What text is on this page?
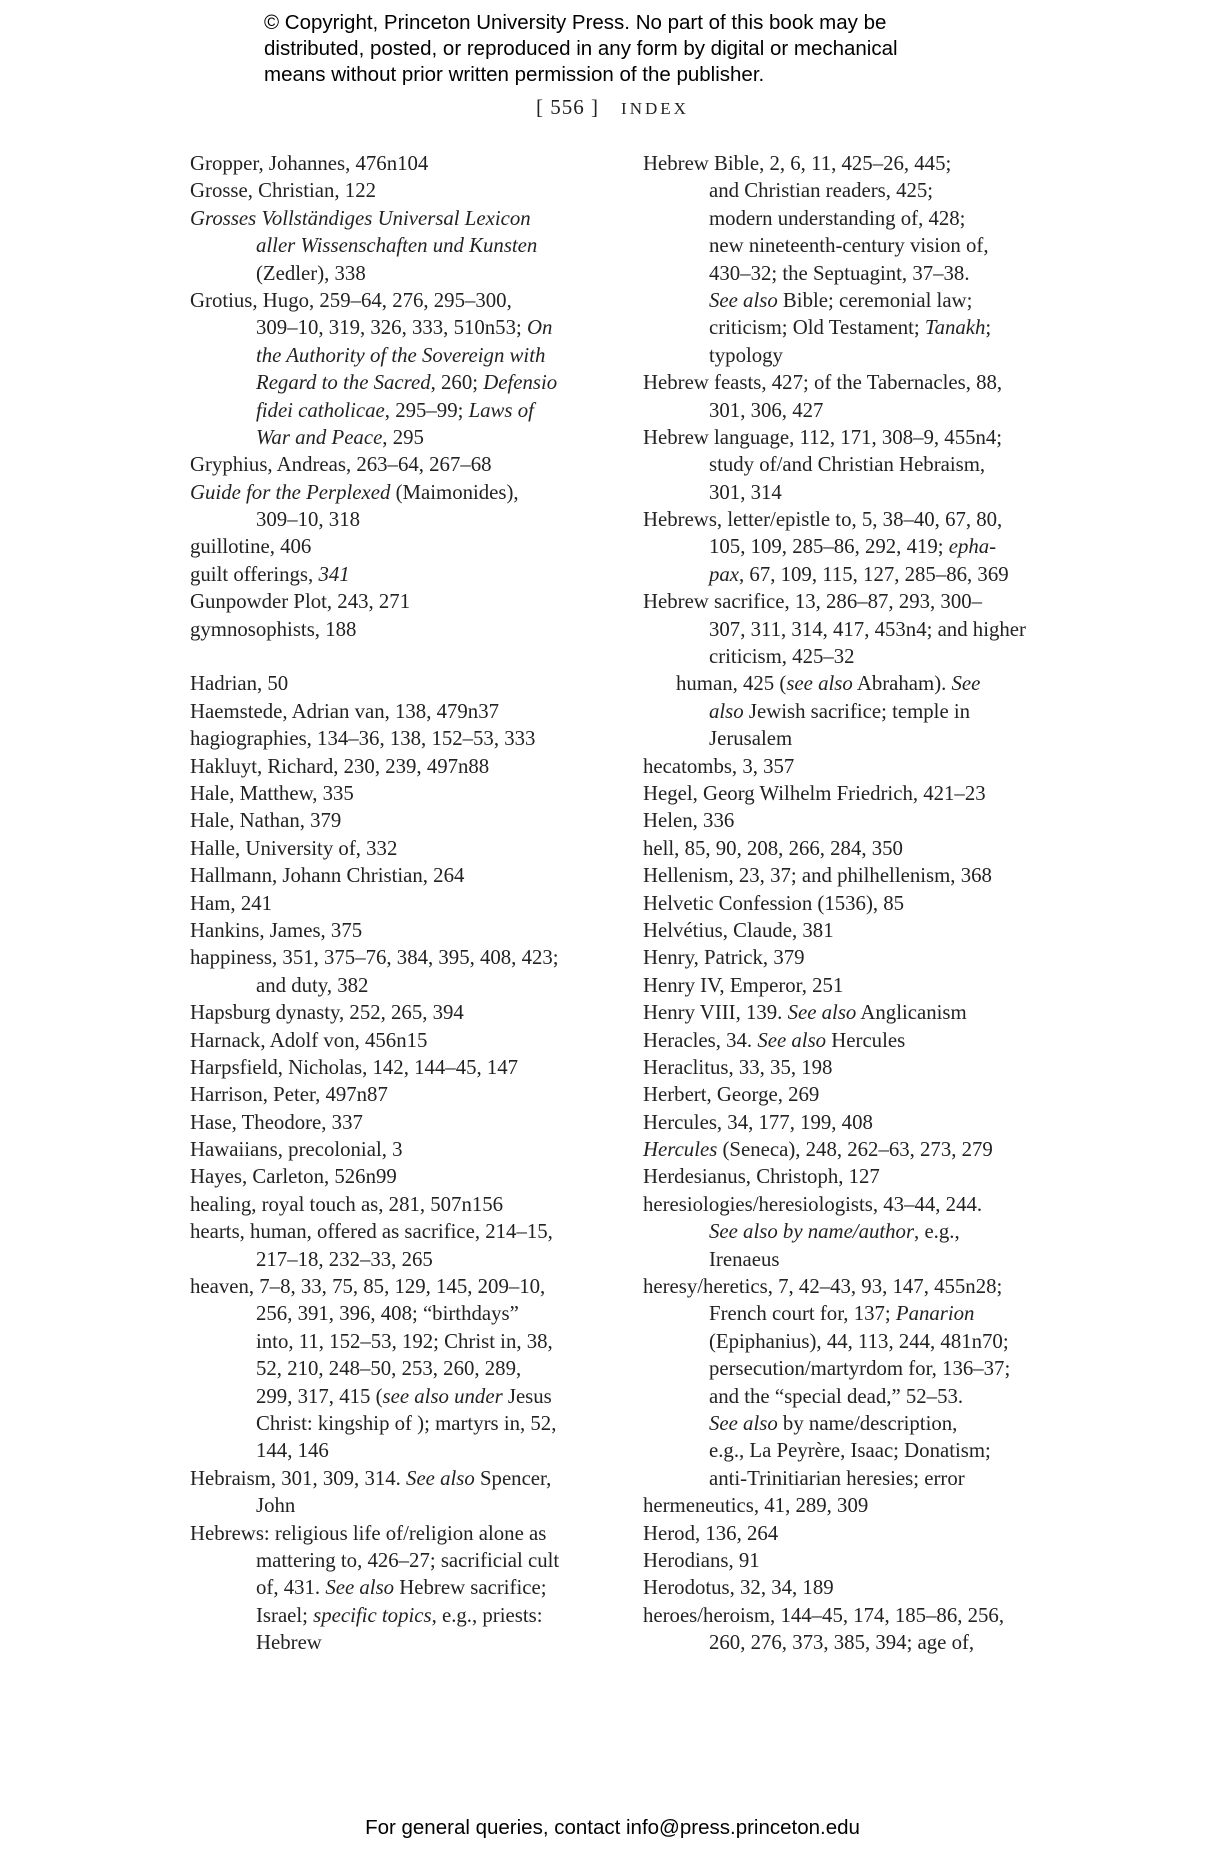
© Copyright, Princeton University Press. No part of this book may be
distributed, posted, or reproduced in any form by digital or mechanical
means without prior written permission of the publisher.
[ 556 ] INDEX
Gropper, Johannes, 476n104
Grosse, Christian, 122
Grosses Vollständiges Universal Lexicon
aller Wissenschaften und Kunsten
(Zedler), 338
Grotius, Hugo, 259–64, 276, 295–300,
309–10, 319, 326, 333, 510n53; On
the Authority of the Sovereign with
Regard to the Sacred, 260; Defensio
fidei catholicae, 295–99; Laws of
War and Peace, 295
Gryphius, Andreas, 263–64, 267–68
Guide for the Perplexed (Maimonides),
309–10, 318
guillotine, 406
guilt offerings, 341
Gunpowder Plot, 243, 271
gymnosophists, 188
Hadrian, 50
Haemstede, Adrian van, 138, 479n37
hagiographies, 134–36, 138, 152–53, 333
Hakluyt, Richard, 230, 239, 497n88
Hale, Matthew, 335
Hale, Nathan, 379
Halle, University of, 332
Hallmann, Johann Christian, 264
Ham, 241
Hankins, James, 375
happiness, 351, 375–76, 384, 395, 408, 423;
and duty, 382
Hapsburg dynasty, 252, 265, 394
Harnack, Adolf von, 456n15
Harpsfield, Nicholas, 142, 144–45, 147
Harrison, Peter, 497n87
Hase, Theodore, 337
Hawaiians, precolonial, 3
Hayes, Carleton, 526n99
healing, royal touch as, 281, 507n156
hearts, human, offered as sacrifice, 214–15,
217–18, 232–33, 265
heaven, 7–8, 33, 75, 85, 129, 145, 209–10,
256, 391, 396, 408; “birthdays”
into, 11, 152–53, 192; Christ in, 38,
52, 210, 248–50, 253, 260, 289,
299, 317, 415 (see also under Jesus
Christ: kingship of ); martyrs in, 52,
144, 146
Hebraism, 301, 309, 314. See also Spencer,
John
Hebrews: religious life of/religion alone as
mattering to, 426–27; sacrificial cult
of, 431. See also Hebrew sacrifice;
Israel; specific topics, e.g., priests:
Hebrew
Hebrew Bible, 2, 6, 11, 425–26, 445;
and Christian readers, 425;
modern understanding of, 428;
new nineteenth-century vision of,
430–32; the Septuagint, 37–38.
See also Bible; ceremonial law;
criticism; Old Testament; Tanakh;
typology
Hebrew feasts, 427; of the Tabernacles, 88,
301, 306, 427
Hebrew language, 112, 171, 308–9, 455n4;
study of/and Christian Hebraism,
301, 314
Hebrews, letter/epistle to, 5, 38–40, 67, 80,
105, 109, 285–86, 292, 419; epha-
pax, 67, 109, 115, 127, 285–86, 369
Hebrew sacrifice, 13, 286–87, 293, 300–
307, 311, 314, 417, 453n4; and higher
criticism, 425–32
human, 425 (see also Abraham). See
also Jewish sacrifice; temple in
Jerusalem
hecatombs, 3, 357
Hegel, Georg Wilhelm Friedrich, 421–23
Helen, 336
hell, 85, 90, 208, 266, 284, 350
Hellenism, 23, 37; and philhellenism, 368
Helvetic Confession (1536), 85
Helvétius, Claude, 381
Henry, Patrick, 379
Henry IV, Emperor, 251
Henry VIII, 139. See also Anglicanism
Heracles, 34. See also Hercules
Heraclitus, 33, 35, 198
Herbert, George, 269
Hercules, 34, 177, 199, 408
Hercules (Seneca), 248, 262–63, 273, 279
Herdesianus, Christoph, 127
heresiologies/heresiologists, 43–44, 244.
See also by name/author, e.g.,
Irenaeus
heresy/heretics, 7, 42–43, 93, 147, 455n28;
French court for, 137; Panarion
(Epiphanius), 44, 113, 244, 481n70;
persecution/martyrdom for, 136–37;
and the “special dead,” 52–53.
See also by name/description,
e.g., La Peyrère, Isaac; Donatism;
anti-Trinitiarian heresies; error
hermeneutics, 41, 289, 309
Herod, 136, 264
Herodians, 91
Herodotus, 32, 34, 189
heroes/heroism, 144–45, 174, 185–86, 256,
260, 276, 373, 385, 394; age of,
For general queries, contact info@press.princeton.edu
